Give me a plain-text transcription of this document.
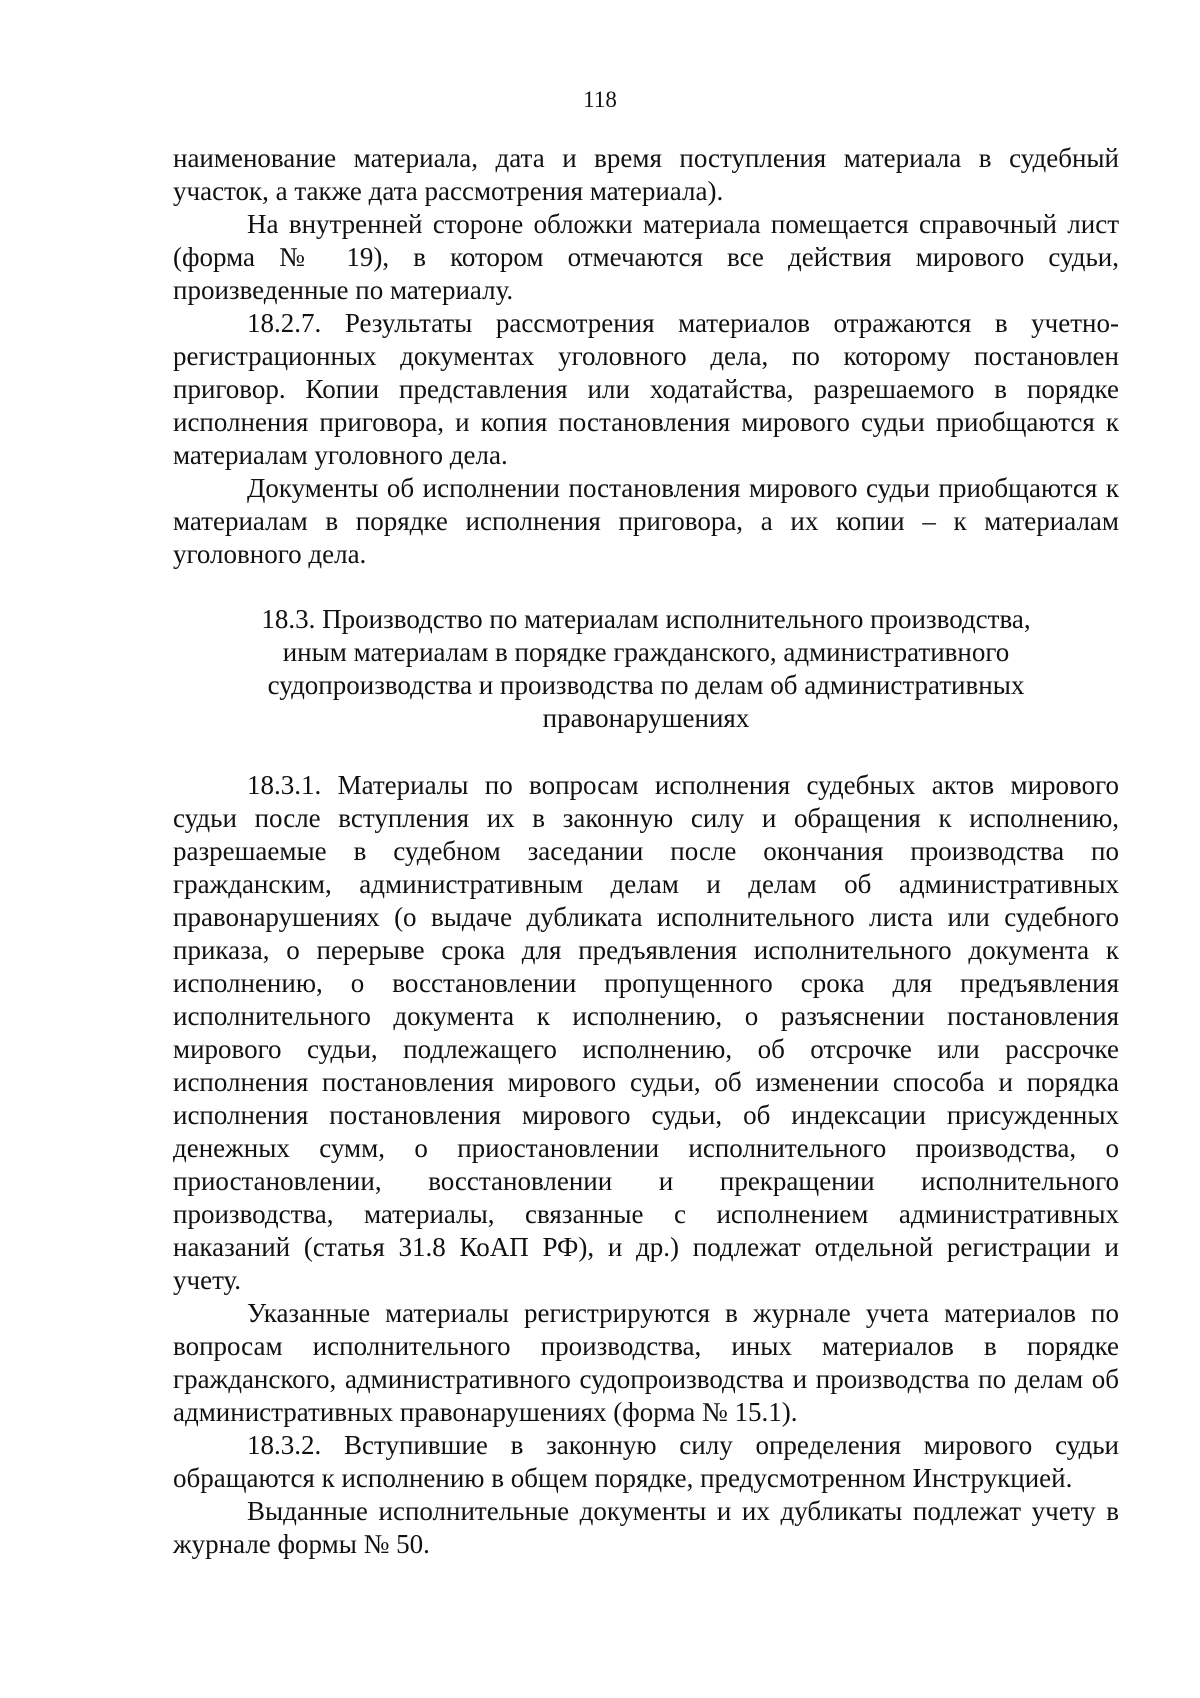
118

наименование материала, дата и время поступления материала в судебный участок, а также дата рассмотрения материала).

На внутренней стороне обложки материала помещается справочный лист (форма № 19), в котором отмечаются все действия мирового судьи, произведенные по материалу.

18.2.7. Результаты рассмотрения материалов отражаются в учетно-регистрационных документах уголовного дела, по которому постановлен приговор. Копии представления или ходатайства, разрешаемого в порядке исполнения приговора, и копия постановления мирового судьи приобщаются к материалам уголовного дела.

Документы об исполнении постановления мирового судьи приобщаются к материалам в порядке исполнения приговора, а их копии – к материалам уголовного дела.

18.3. Производство по материалам исполнительного производства, иным материалам в порядке гражданского, административного судопроизводства и производства по делам об административных правонарушениях

18.3.1. Материалы по вопросам исполнения судебных актов мирового судьи после вступления их в законную силу и обращения к исполнению, разрешаемые в судебном заседании после окончания производства по гражданским, административным делам и делам об административных правонарушениях (о выдаче дубликата исполнительного листа или судебного приказа, о перерыве срока для предъявления исполнительного документа к исполнению, о восстановлении пропущенного срока для предъявления исполнительного документа к исполнению, о разъяснении постановления мирового судьи, подлежащего исполнению, об отсрочке или рассрочке исполнения постановления мирового судьи, об изменении способа и порядка исполнения постановления мирового судьи, об индексации присужденных денежных сумм, о приостановлении исполнительного производства, о приостановлении, восстановлении и прекращении исполнительного производства, материалы, связанные с исполнением административных наказаний (статья 31.8 КоАП РФ), и др.) подлежат отдельной регистрации и учету.

Указанные материалы регистрируются в журнале учета материалов по вопросам исполнительного производства, иных материалов в порядке гражданского, административного судопроизводства и производства по делам об административных правонарушениях (форма № 15.1).

18.3.2. Вступившие в законную силу определения мирового судьи обращаются к исполнению в общем порядке, предусмотренном Инструкцией.

Выданные исполнительные документы и их дубликаты подлежат учету в журнале формы № 50.
